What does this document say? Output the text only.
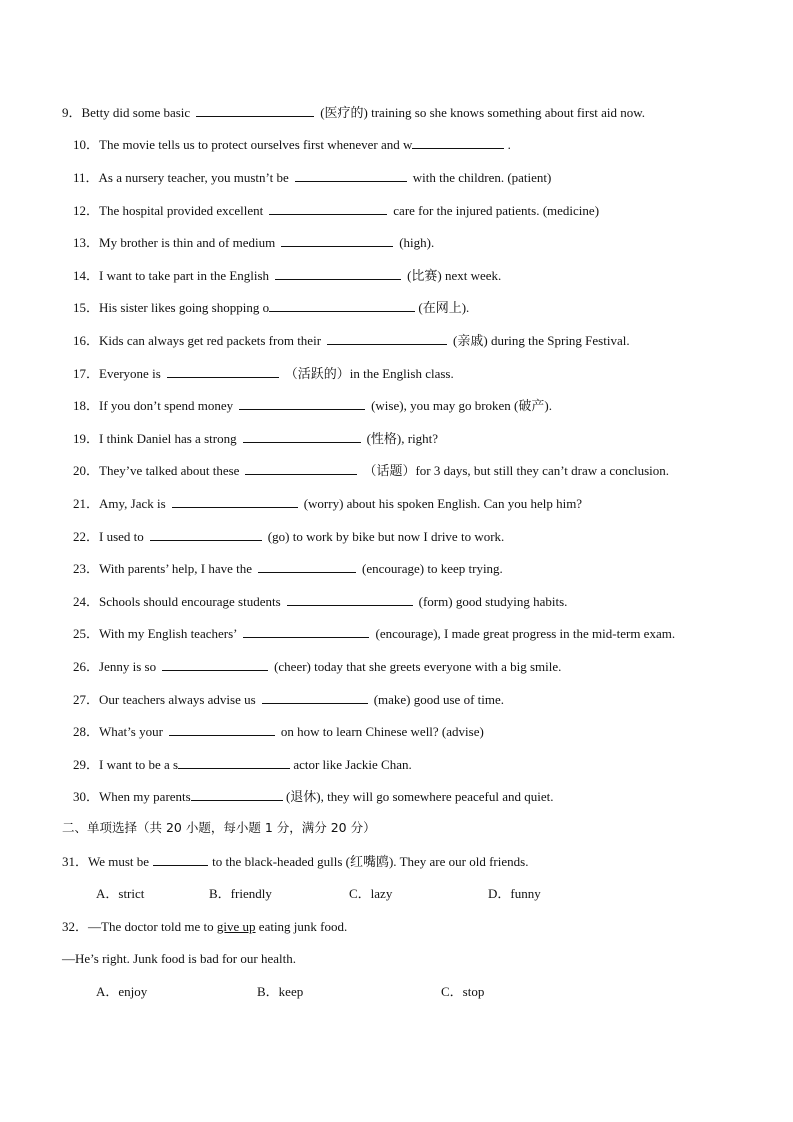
9．Betty did some basic	(医疗的) training so she knows something about first aid now.
10．The movie tells us to protect ourselves first whenever and w	.
11．As a nursery teacher, you mustn’t be	with the children. (patient)
12．The hospital provided excellent	care for the injured patients. (medicine)
13．My brother is thin and of medium	(high).
14．I want to take part in the English	(比赛) next week.
15．His sister likes going shopping o	(在网上).
16．Kids can always get red packets from their	(亲戚) during the Spring Festival.
17．Everyone is	（活跃的）in the English class.
18．If you don’t spend money	(wise), you may go broken (破产).
19．I think Daniel has a strong	(性格), right?
20．They’ve talked about these	（话题）for 3 days, but still they can’t draw a conclusion.
21．Amy, Jack is	(worry) about his spoken English. Can you help him?
22．I used to	(go) to work by bike but now I drive to work.
23．With parents’ help, I have the	(encourage) to keep trying.
24．Schools should encourage students	(form) good studying habits.
25．With my English teachers’	(encourage), I made great progress in the mid-term exam.
26．Jenny is so	(cheer) today that she greets everyone with a big smile.
27．Our teachers always advise us	(make) good use of time.
28．What’s your	on how to learn Chinese well? (advise)
29．I want to be a s	actor like Jackie Chan.
30．When my parents	(退休), they will go somewhere peaceful and quiet.
二、单项选择（共 20 小题，每小题 1 分，满分 20 分）
31．We must be	to the black-headed gulls (红嘴鸥). They are our old friends.
A．strict	B．friendly	C．lazy	D．funny
32．—The doctor told me to give up eating junk food.
—He’s right. Junk food is bad for our health.
A．enjoy	B．keep	C．stop
